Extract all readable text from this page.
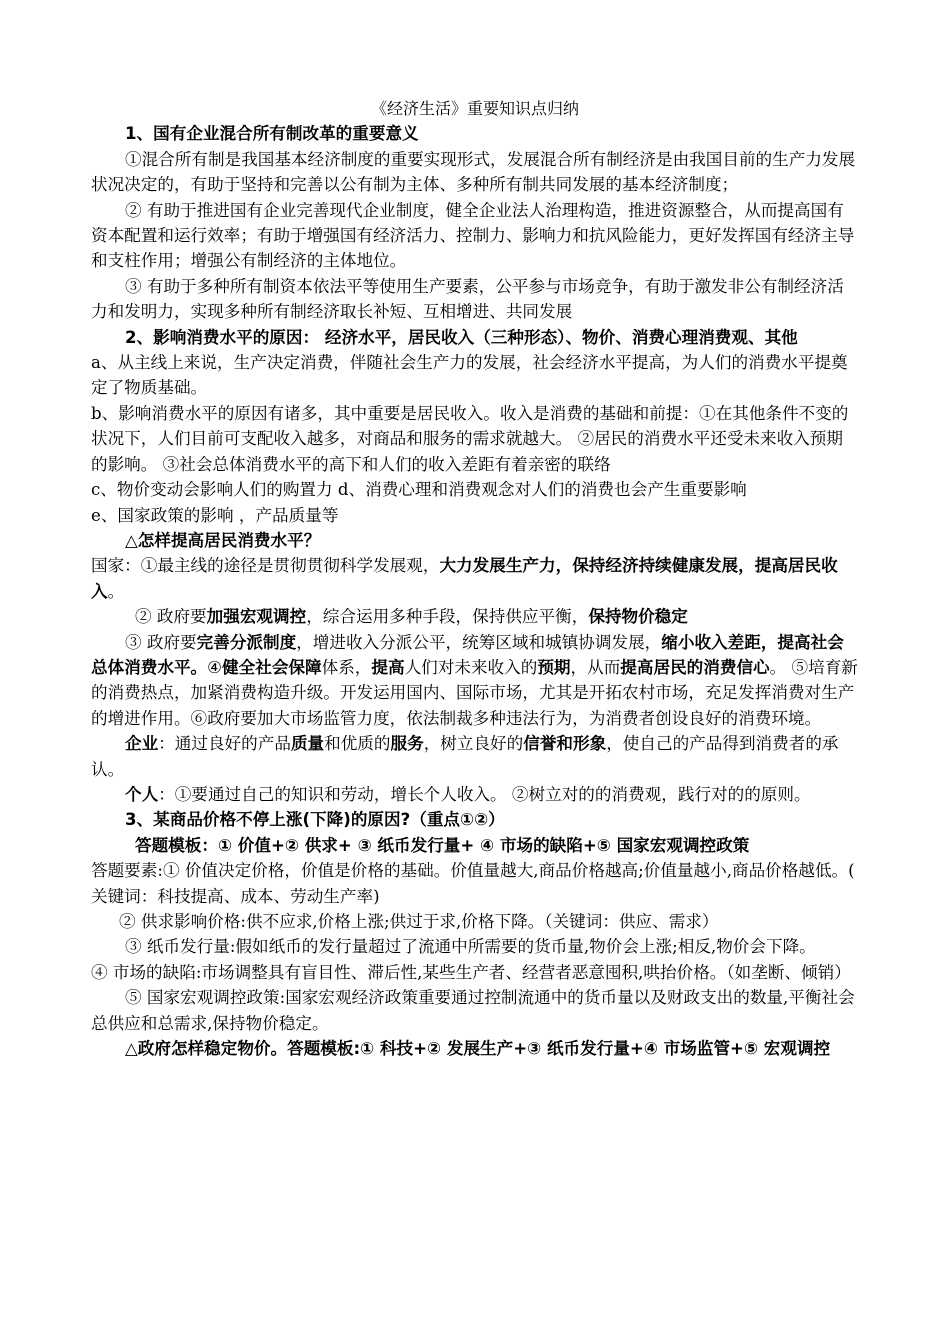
《经济生活》重要知识点归纳

1、国有企业混合所有制改革的重要意义

①混合所有制是我国基本经济制度的重要实现形式，发展混合所有制经济是由我国目前的生产力发展状况决定的，有助于坚持和完善以公有制为主体、多种所有制共同发展的基本经济制度；

② 有助于推进国有企业完善现代企业制度，健全企业法人治理构造，推进资源整合，从而提高国有资本配置和运行效率；有助于增强国有经济活力、控制力、影响力和抗风险能力，更好发挥国有经济主导和支柱作用；增强公有制经济的主体地位。

③ 有助于多种所有制资本依法平等使用生产要素，公平参与市场竞争，有助于激发非公有制经济活力和发明力，实现多种所有制经济取长补短、互相增进、共同发展

2、影响消费水平的原因： 经济水平，居民收入（三种形态）、物价、消费心理消费观、其他

a、从主线上来说，生产决定消费，伴随社会生产力的发展，社会经济水平提高，为人们的消费水平提奠定了物质基础。

b、影响消费水平的原因有诸多，其中重要是居民收入。收入是消费的基础和前提：①在其他条件不变的状况下，人们目前可支配收入越多，对商品和服务的需求就越大。 ②居民的消费水平还受未来收入预期的影响。 ③社会总体消费水平的高下和人们的收入差距有着亲密的联络

c、物价变动会影响人们的购置力 d、消费心理和消费观念对人们的消费也会产生重要影响

e、国家政策的影响 ，产品质量等

△怎样提高居民消费水平？

国家：①最主线的途径是贯彻贯彻科学发展观，大力发展生产力，保持经济持续健康发展，提高居民收入。

② 政府要加强宏观调控，综合运用多种手段，保持供应平衡，保持物价稳定

③ 政府要完善分派制度，增进收入分派公平，统筹区域和城镇协调发展，缩小收入差距，提高社会总体消费水平。④健全社会保障体系，提高人们对未来收入的预期，从而提高居民的消费信心。 ⑤培育新的消费热点，加紧消费构造升级。开发运用国内、国际市场，尤其是开拓农村市场，充足发挥消费对生产的增进作用。⑥政府要加大市场监管力度，依法制裁多种违法行为，为消费者创设良好的消费环境。

企业：通过良好的产品质量和优质的服务，树立良好的信誉和形象，使自己的产品得到消费者的承认。

个人：①要通过自己的知识和劳动，增长个人收入。 ②树立对的的消费观，践行对的的原则。

3、某商品价格不停上涨(下降)的原因?（重点①②）

答题模板：① 价值+② 供求+ ③ 纸币发行量+ ④ 市场的缺陷+⑤ 国家宏观调控政策

答题要素:① 价值决定价格，价值是价格的基础。价值量越大,商品价格越高;价值量越小,商品价格越低。( 关键词：科技提高、成本、劳动生产率)

② 供求影响价格:供不应求,价格上涨;供过于求,价格下降。（关键词：供应、需求）

③ 纸币发行量:假如纸币的发行量超过了流通中所需要的货币量,物价会上涨;相反,物价会下降。

④ 市场的缺陷:市场调整具有盲目性、滞后性,某些生产者、经营者恶意囤积,哄抬价格。（如垄断、倾销）

⑤ 国家宏观调控政策:国家宏观经济政策重要通过控制流通中的货币量以及财政支出的数量,平衡社会总供应和总需求,保持物价稳定。

△政府怎样稳定物价。答题模板:① 科技+② 发展生产+③ 纸币发行量+④ 市场监管+⑤ 宏观调控
